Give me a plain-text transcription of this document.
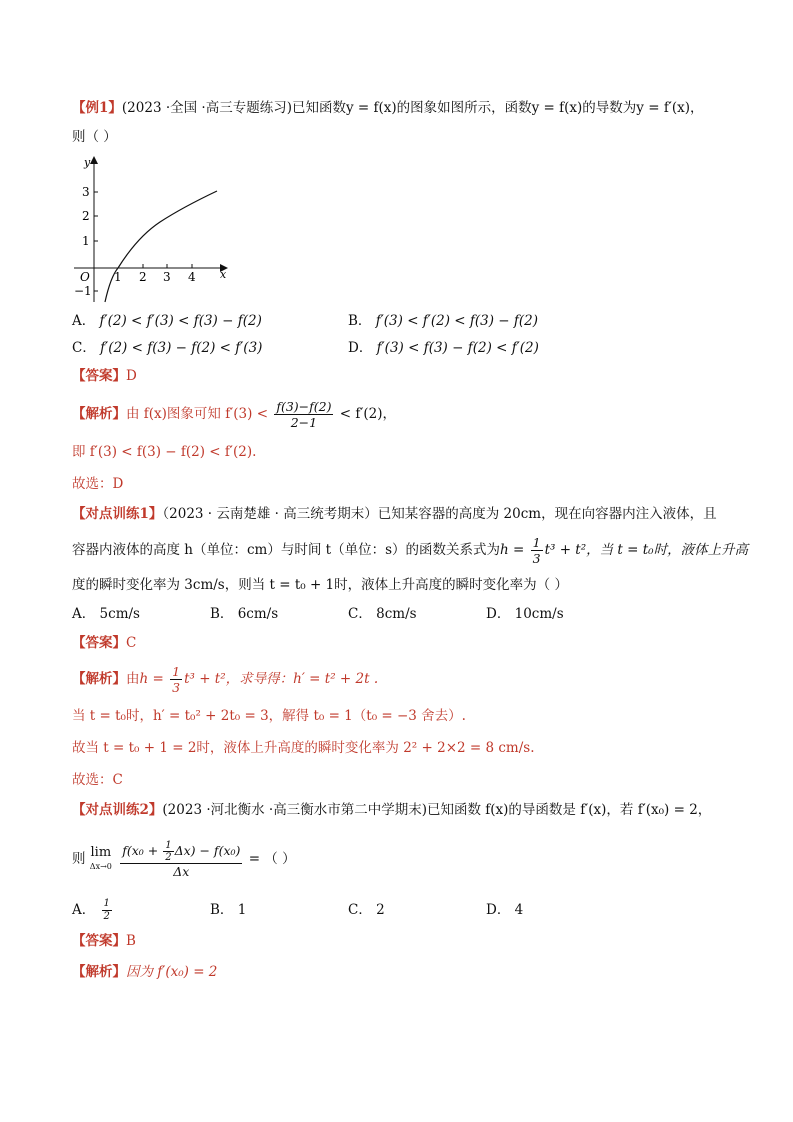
【例1】(2023 ·全国 ·高三专题练习)已知函数y = f(x)的图象如图所示，函数y = f(x)的导数为y = f′(x)，
则（ ）
y
x
O
3
2
1
−1
1 2 3 4
A． f′(2) < f′(3) < f(3) − f(2)	B． f′(3) < f′(2) < f(3) − f(2)
C． f′(2) < f(3) − f(2) < f′(3)	D． f′(3) < f(3) − f(2) < f′(2)
【答案】D
【解析】由 f(x)图象可知 $f'(3) < \frac{f(3)-f(2)}{2-1} < f'(2)$，
即 f′(3) < f(3) − f(2) < f′(2).
故选：D
【对点训练1】（2023 · 云南楚雄 · 高三统考期末）已知某容器的高度为 20cm，现在向容器内注入液体，且
容器内液体的高度 h（单位：cm）与时间 t（单位：s）的函数关系式为$h = \frac{1}{3} t^3 + t^2$，当 t = t₀时，液体上升高
度的瞬时变化率为 3cm/s，则当 t = t₀ + 1时，液体上升高度的瞬时变化率为（ ）
A． 5cm/s	B． 6cm/s	C． 8cm/s	D． 10cm/s
【答案】C
【解析】由$h = \frac{1}{3} t^3 + t^2$，求导得：h′ = t² + 2t .
当 t = t₀时，h′ = t₀² + 2t₀ = 3，解得 t₀ = 1（t₀ = −3 舍去）.
故当 t = t₀ + 1 = 2时，液体上升高度的瞬时变化率为 2² + 2×2 = 8 cm/s.
故选：C
【对点训练2】(2023 ·河北衡水 ·高三衡水市第二中学期末)已知函数 f(x)的导函数是 f′(x)，若 f′(x₀) = 2，
则 lim
Δx→0
$\frac{f(x_0 + \frac{1}{2} \Delta x) - f(x_0)}{\Delta x}$ = （ ）
A． $\frac{1}{2}$	B． 1	C． 2	D． 4
【答案】B
【解析】因为 f′(x₀) = 2
